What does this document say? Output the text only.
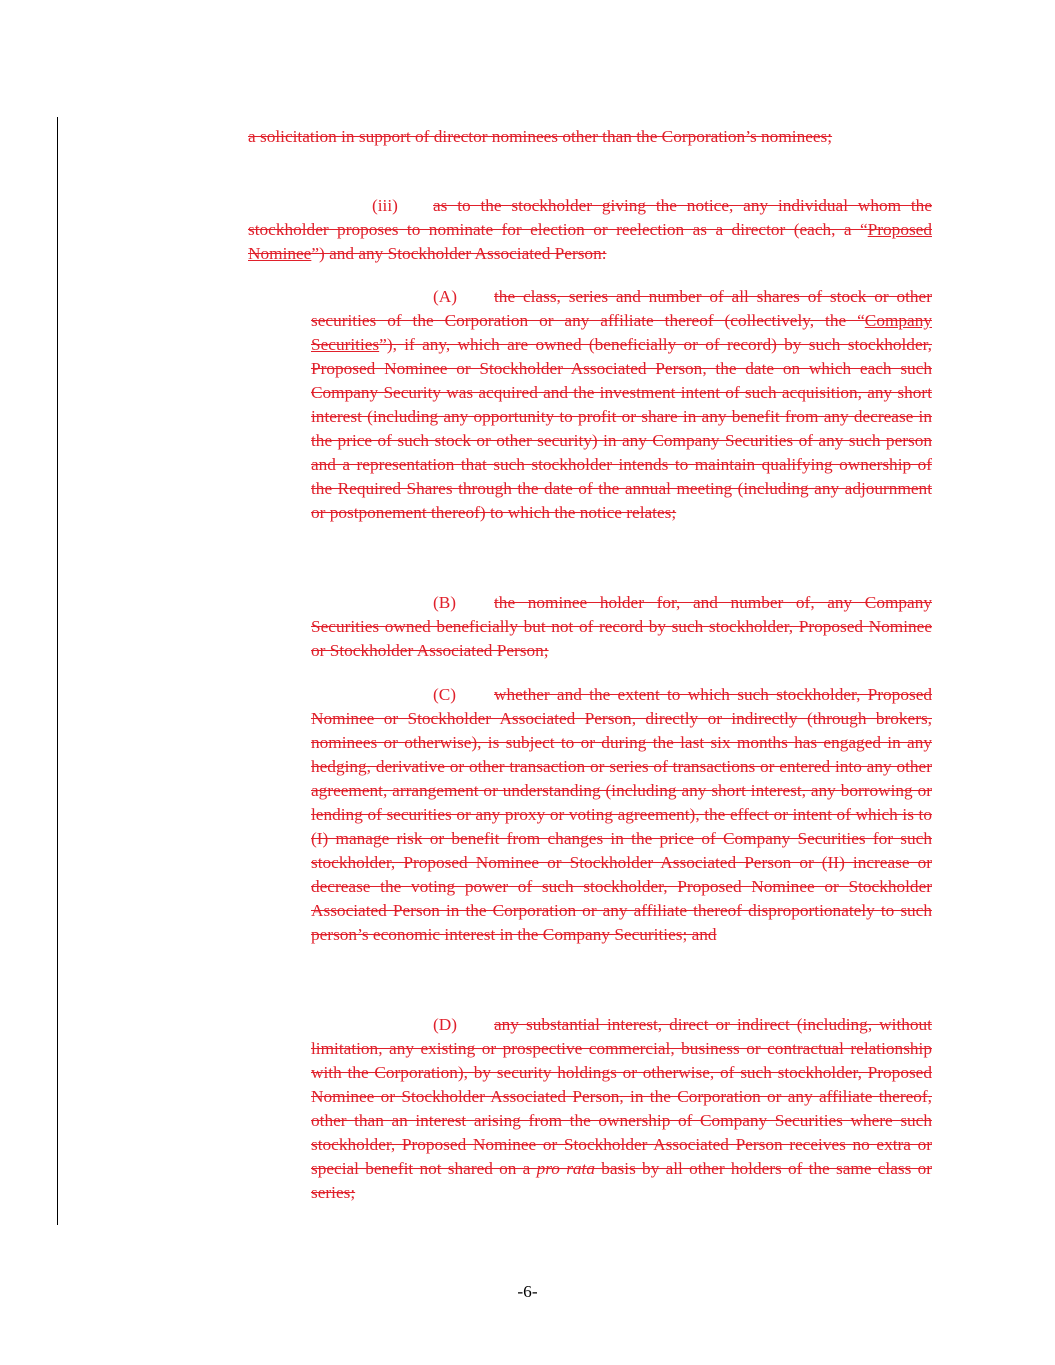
a solicitation in support of director nominees other than the Corporation’s nominees;

(iii) as to the stockholder giving the notice, any individual whom the stockholder proposes to nominate for election or reelection as a director (each, a “Proposed Nominee”) and any Stockholder Associated Person:

(A) the class, series and number of all shares of stock or other securities of the Corporation or any affiliate thereof (collectively, the “Company Securities”), if any, which are owned (beneficially or of record) by such stockholder, Proposed Nominee or Stockholder Associated Person, the date on which each such Company Security was acquired and the investment intent of such acquisition, any short interest (including any opportunity to profit or share in any benefit from any decrease in the price of such stock or other security) in any Company Securities of any such person and a representation that such stockholder intends to maintain qualifying ownership of the Required Shares through the date of the annual meeting (including any adjournment or postponement thereof) to which the notice relates;

(B) the nominee holder for, and number of, any Company Securities owned beneficially but not of record by such stockholder, Proposed Nominee or Stockholder Associated Person;

(C) whether and the extent to which such stockholder, Proposed Nominee or Stockholder Associated Person, directly or indirectly (through brokers, nominees or otherwise), is subject to or during the last six months has engaged in any hedging, derivative or other transaction or series of transactions or entered into any other agreement, arrangement or understanding (including any short interest, any borrowing or lending of securities or any proxy or voting agreement), the effect or intent of which is to (I) manage risk or benefit from changes in the price of Company Securities for such stockholder, Proposed Nominee or Stockholder Associated Person or (II) increase or decrease the voting power of such stockholder, Proposed Nominee or Stockholder Associated Person in the Corporation or any affiliate thereof disproportionately to such person’s economic interest in the Company Securities; and

(D) any substantial interest, direct or indirect (including, without limitation, any existing or prospective commercial, business or contractual relationship with the Corporation), by security holdings or otherwise, of such stockholder, Proposed Nominee or Stockholder Associated Person, in the Corporation or any affiliate thereof, other than an interest arising from the ownership of Company Securities where such stockholder, Proposed Nominee or Stockholder Associated Person receives no extra or special benefit not shared on a pro rata basis by all other holders of the same class or series;

-6-
